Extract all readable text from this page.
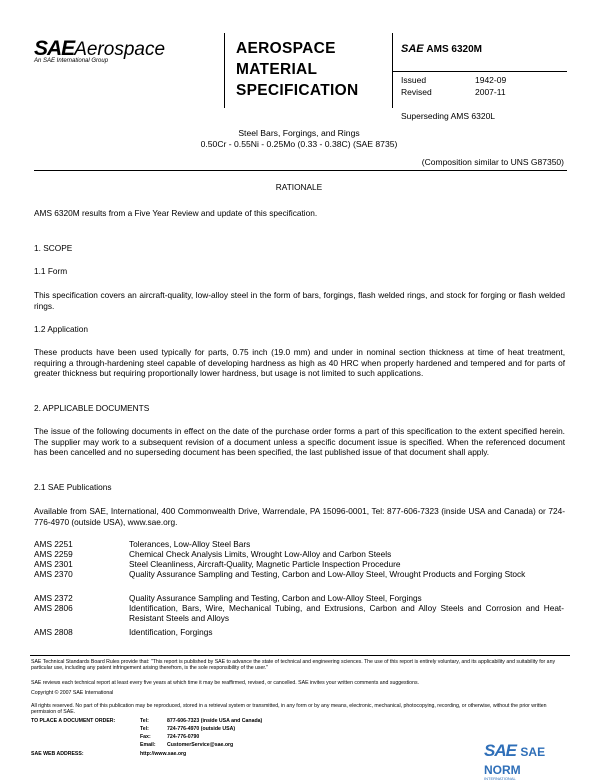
SAEAerospace
An SAE International Group
AEROSPACE
MATERIAL
SPECIFICATION
SAE AMS 6320M
Issued	1942-09
Revised	2007-11
Superseding AMS 6320L
Steel Bars, Forgings, and Rings
0.50Cr - 0.55Ni - 0.25Mo (0.33 - 0.38C) (SAE 8735)
(Composition similar to UNS G87350)
RATIONALE
AMS 6320M results from a Five Year Review and update of this specification.
1. SCOPE
1.1 Form
This specification covers an aircraft-quality, low-alloy steel in the form of bars, forgings, flash welded rings, and stock for forging or flash welded rings.
1.2 Application
These products have been used typically for parts, 0.75 inch (19.0 mm) and under in nominal section thickness at time of heat treatment, requiring a through-hardening steel capable of developing hardness as high as 40 HRC when properly hardened and tempered and for parts of greater thickness but requiring proportionally lower hardness, but usage is not limited to such applications.
2. APPLICABLE DOCUMENTS
The issue of the following documents in effect on the date of the purchase order forms a part of this specification to the extent specified herein. The supplier may work to a subsequent revision of a document unless a specific document issue is specified. When the referenced document has been cancelled and no superseding document has been specified, the last published issue of that document shall apply.
2.1 SAE Publications
Available from SAE, International, 400 Commonwealth Drive, Warrendale, PA 15096-0001, Tel: 877-606-7323 (inside USA and Canada) or 724-776-4970 (outside USA), www.sae.org.
AMS 2251	Tolerances, Low-Alloy Steel Bars
AMS 2259	Chemical Check Analysis Limits, Wrought Low-Alloy and Carbon Steels
AMS 2301	Steel Cleanliness, Aircraft-Quality, Magnetic Particle Inspection Procedure
AMS 2370	Quality Assurance Sampling and Testing, Carbon and Low-Alloy Steel, Wrought Products and Forging Stock
AMS 2372	Quality Assurance Sampling and Testing, Carbon and Low-Alloy Steel, Forgings
AMS 2806	Identification, Bars, Wire, Mechanical Tubing, and Extrusions, Carbon and Alloy Steels and Corrosion and Heat-Resistant Steels and Alloys
AMS 2808	Identification, Forgings
SAE Technical Standards Board Rules provide that: "This report is published by SAE to advance the state of technical and engineering sciences. The use of this report is entirely voluntary, and its applicability and suitability for any particular use, including any patent infringement arising therefrom, is the sole responsibility of the user."
SAE reviews each technical report at least every five years at which time it may be reaffirmed, revised, or cancelled. SAE invites your written comments and suggestions.
Copyright © 2007 SAE International
All rights reserved. No part of this publication may be reproduced, stored in a retrieval system or transmitted, in any form or by any means, electronic, mechanical, photocopying, recording, or otherwise, without the prior written permission of SAE.
TO PLACE A DOCUMENT ORDER:	Tel:	877-606-7323 (inside USA and Canada)
Tel:	724-776-4970 (outside USA)
Fax:	724-776-0790
Email: CustomerService@sae.org
SAE WEB ADDRESS:	http://www.sae.org	SAE SAE NORM
INTERNATIONAL
